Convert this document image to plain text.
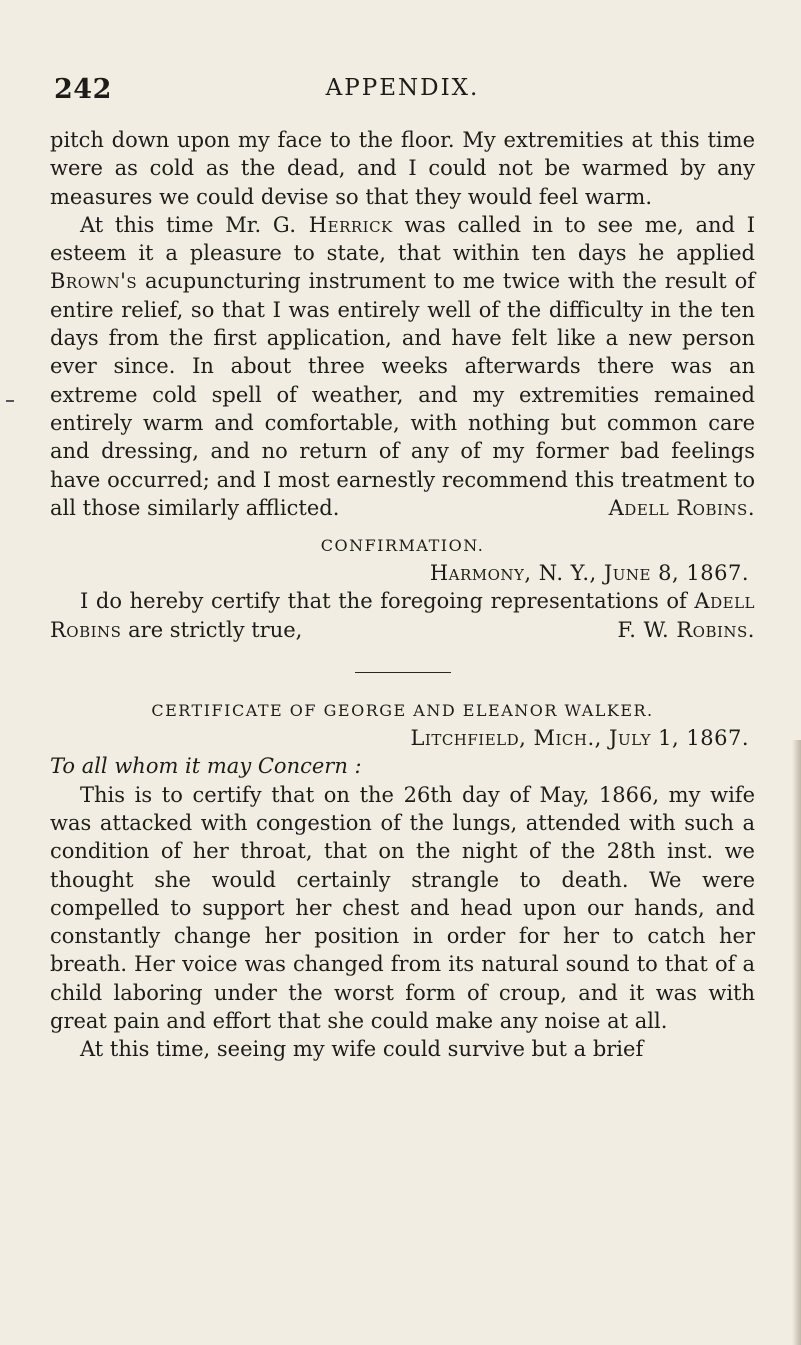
242	APPENDIX.

pitch down upon my face to the floor. My extremities at this time were as cold as the dead, and I could not be warmed by any measures we could devise so that they would feel warm.

At this time Mr. G. Herrick was called in to see me, and I esteem it a pleasure to state, that within ten days he applied Brown's acupuncturing instrument to me twice with the result of entire relief, so that I was entirely well of the difficulty in the ten days from the first application, and have felt like a new person ever since. In about three weeks afterwards there was an extreme cold spell of weather, and my extremities remained entirely warm and comfortable, with nothing but common care and dressing, and no return of any of my former bad feelings have occurred; and I most earnestly recommend this treatment to all those similarly afflicted.	Adell Robins.

CONFIRMATION.

Harmony, N. Y., June 8, 1867.

I do hereby certify that the foregoing representations of Adell Robins are strictly true,	F. W. Robins.

CERTIFICATE OF GEORGE AND ELEANOR WALKER.

Litchfield, Mich., July 1, 1867.

To all whom it may Concern :

This is to certify that on the 26th day of May, 1866, my wife was attacked with congestion of the lungs, attended with such a condition of her throat, that on the night of the 28th inst. we thought she would certainly strangle to death. We were compelled to support her chest and head upon our hands, and constantly change her position in order for her to catch her breath. Her voice was changed from its natural sound to that of a child laboring under the worst form of croup, and it was with great pain and effort that she could make any noise at all.

At this time, seeing my wife could survive but a brief
